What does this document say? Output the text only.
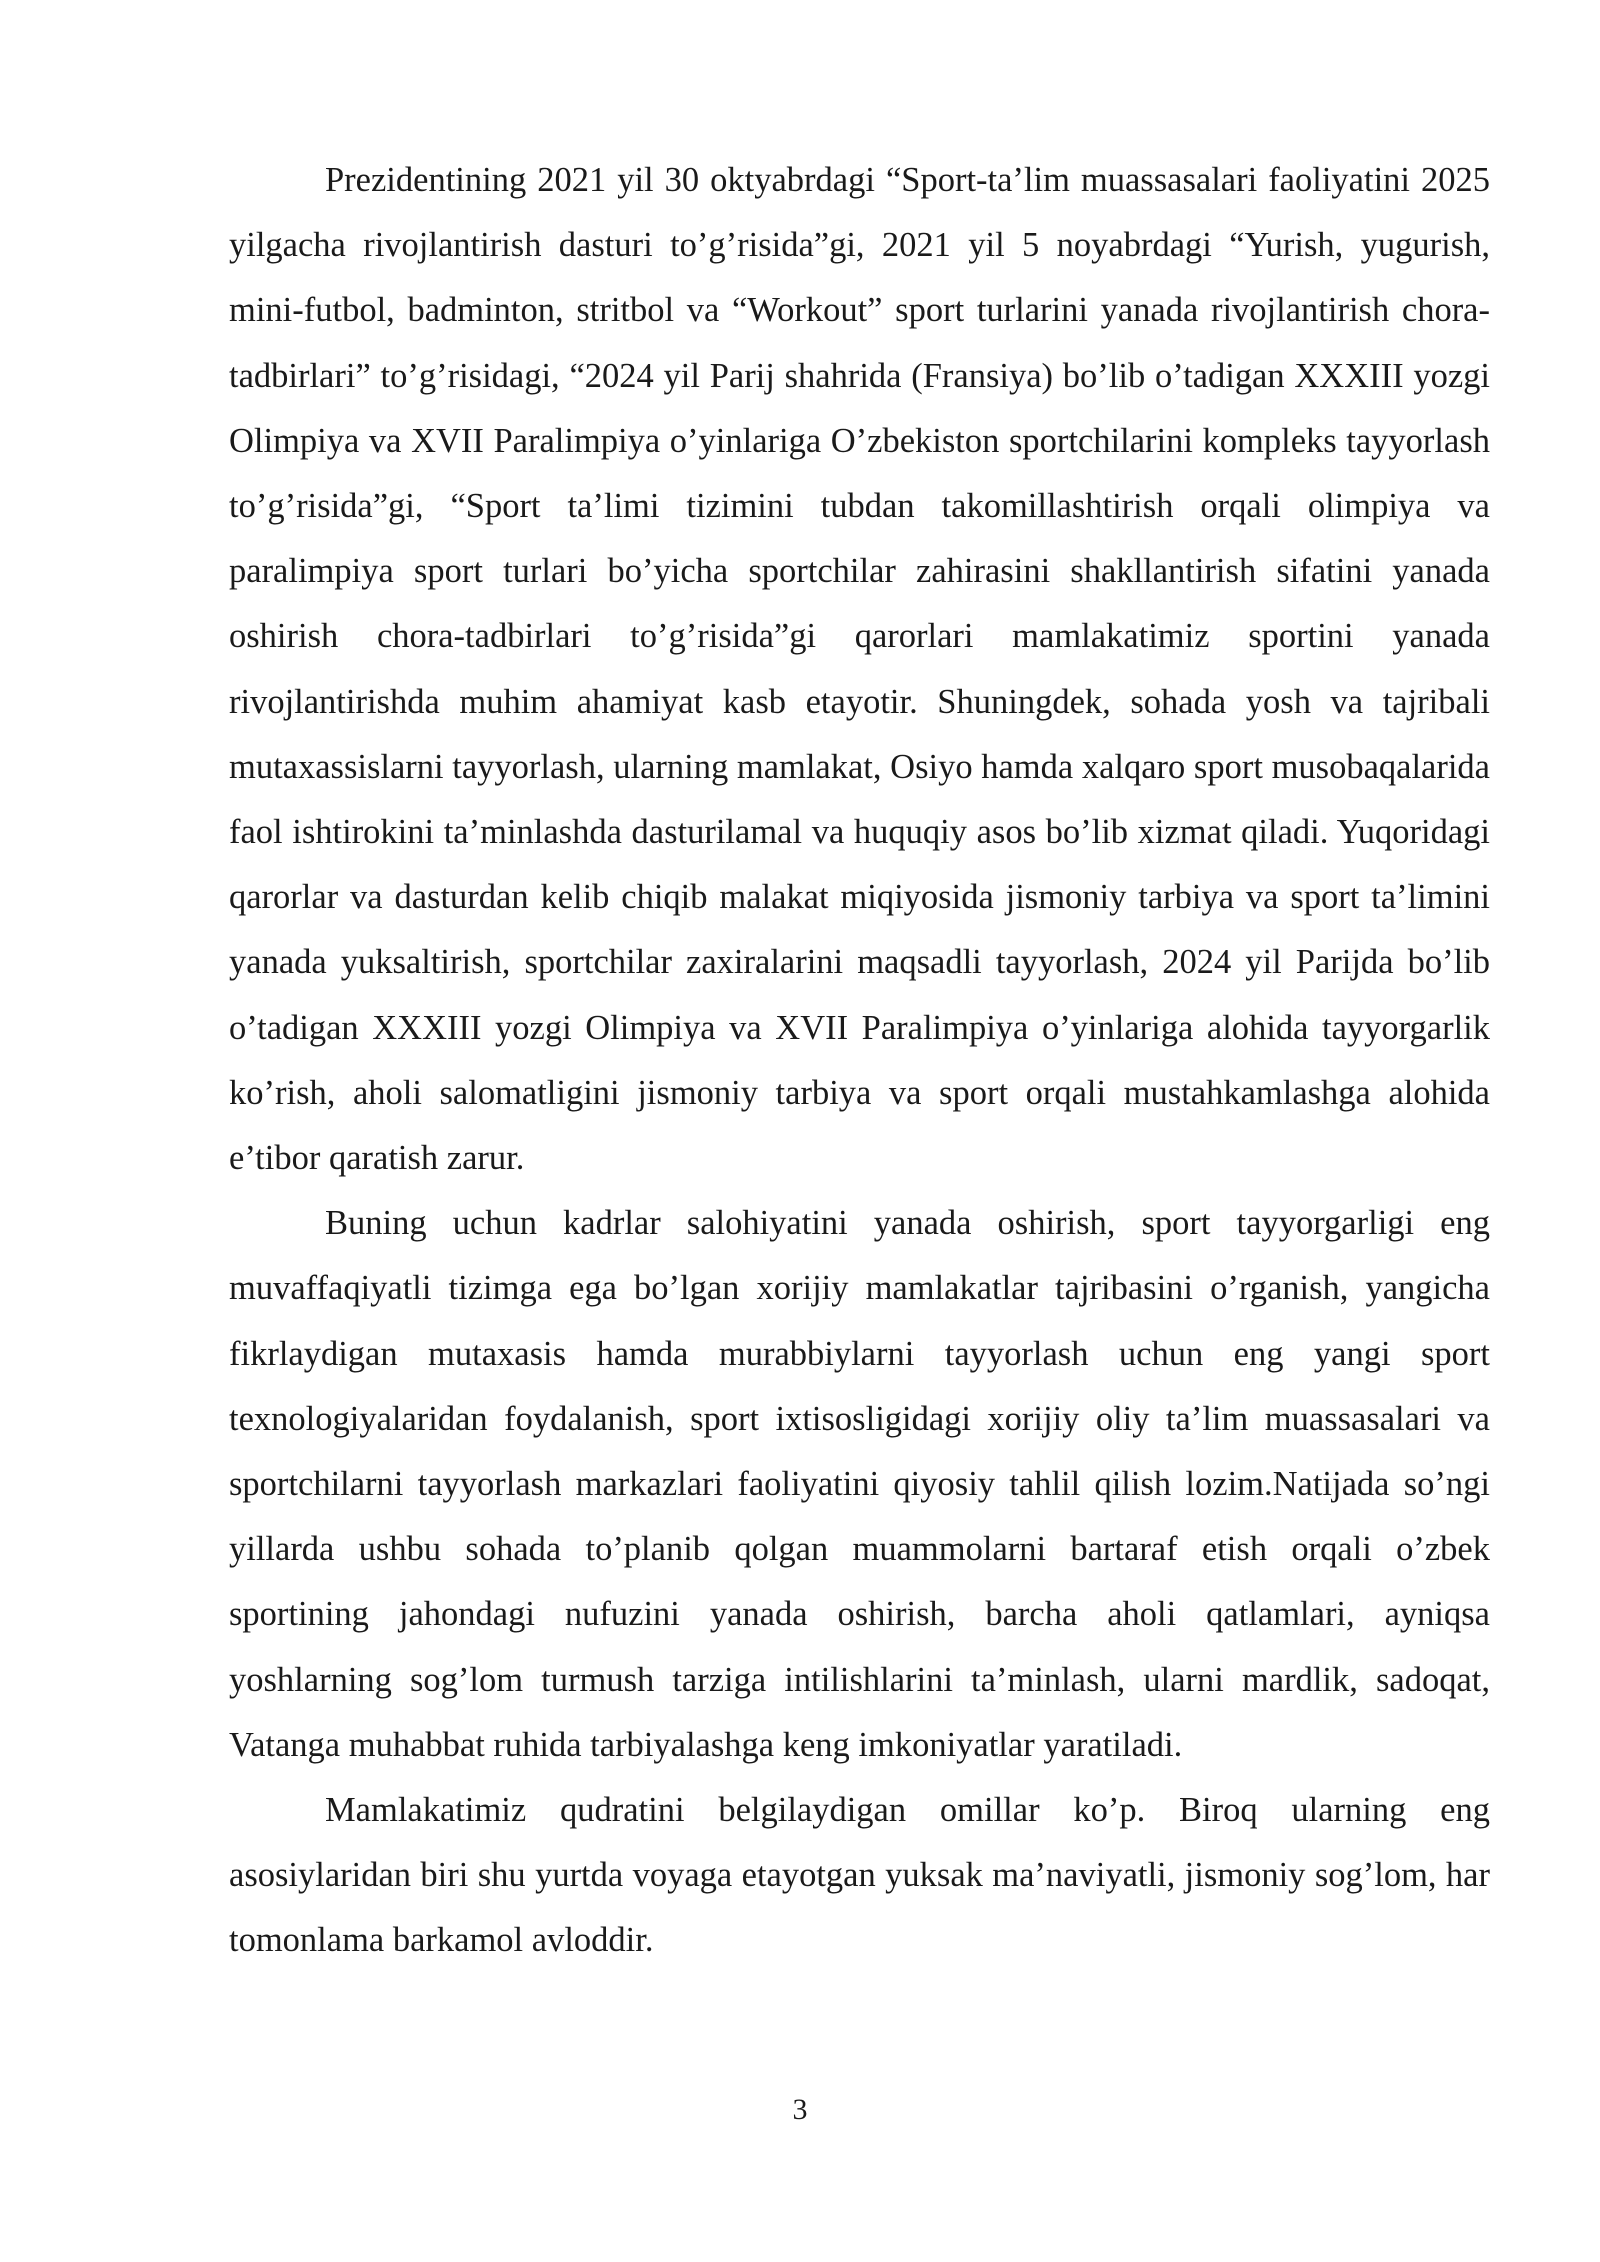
Prezidentining 2021 yil 30 oktyabrdagi “Sport-ta’lim muassasalari faoliyatini 2025 yilgacha rivojlantirish dasturi to’g’risida”gi, 2021 yil 5 noyabrdagi “Yurish, yugurish, mini-futbol, badminton, stritbol va “Workout” sport turlarini yanada rivojlantirish chora-tadbirlari” to’g’risidagi, “2024 yil Parij shahrida (Fransiya) bo’lib o’tadigan XXXIII yozgi Olimpiya va XVII Paralimpiya o’yinlariga O’zbekiston sportchilarini kompleks tayyorlash to’g’risida”gi, “Sport ta’limi tizimini tubdan takomillashtirish orqali olimpiya va paralimpiya sport turlari bo’yicha sportchilar zahirasini shakllantirish sifatini yanada oshirish chora-tadbirlari to’g’risida”gi qarorlari mamlakatimiz sportini yanada rivojlantirishda muhim ahamiyat kasb etayotir. Shuningdek, sohada yosh va tajribali mutaxassislarni tayyorlash, ularning mamlakat, Osiyo hamda xalqaro sport musobaqalarida faol ishtirokini ta’minlashda dasturilamal va huquqiy asos bo’lib xizmat qiladi. Yuqoridagi qarorlar va dasturdan kelib chiqib malakat miqiyosida jismoniy tarbiya va sport ta’limini yanada yuksaltirish, sportchilar zaxiralarini maqsadli tayyorlash, 2024 yil Parijda bo’lib o’tadigan XXXIII yozgi Olimpiya va XVII Paralimpiya o’yinlariga alohida tayyorgarlik ko’rish, aholi salomatligini jismoniy tarbiya va sport orqali mustahkamlashga alohida e’tibor qaratish zarur.

Buning uchun kadrlar salohiyatini yanada oshirish, sport tayyorgarligi eng muvaffaqiyatli tizimga ega bo’lgan xorijiy mamlakatlar tajribasini o’rganish, yangicha fikrlaydigan mutaxasis hamda murabbiylarni tayyorlash uchun eng yangi sport texnologiyalaridan foydalanish, sport ixtisosligidagi xorijiy oliy ta’lim muassasalari va sportchilarni tayyorlash markazlari faoliyatini qiyosiy tahlil qilish lozim.Natijada so’ngi yillarda ushbu sohada to’planib qolgan muammolarni bartaraf etish orqali o’zbek sportining jahondagi nufuzini yanada oshirish, barcha aholi qatlamlari, ayniqsa yoshlarning sog’lom turmush tarziga intilishlarini ta’minlash, ularni mardlik, sadoqat, Vatanga muhabbat ruhida tarbiyalashga keng imkoniyatlar yaratiladi.

Mamlakatimiz qudratini belgilaydigan omillar ko’p. Biroq ularning eng asosiylaridan biri shu yurtda voyaga etayotgan yuksak ma’naviyatli, jismoniy sog’lom, har tomonlama barkamol avloddir.

3
